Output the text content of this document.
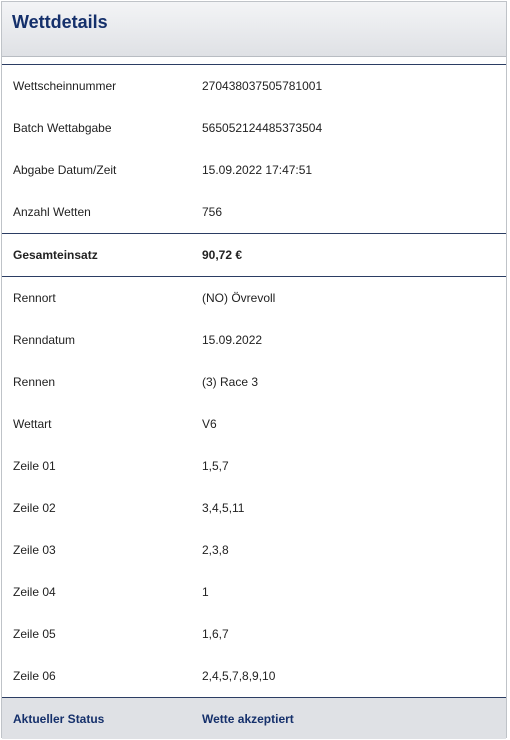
Wettdetails
Wettscheinnummer	270438037505781001
Batch Wettabgabe	565052124485373504
Abgabe Datum/Zeit	15.09.2022 17:47:51
Anzahl Wetten	756
Gesamteinsatz	90,72 €
Rennort	(NO) Övrevoll
Renndatum	15.09.2022
Rennen	(3) Race 3
Wettart	V6
Zeile 01	1,5,7
Zeile 02	3,4,5,11
Zeile 03	2,3,8
Zeile 04	1
Zeile 05	1,6,7
Zeile 06	2,4,5,7,8,9,10
Aktueller Status	Wette akzeptiert
